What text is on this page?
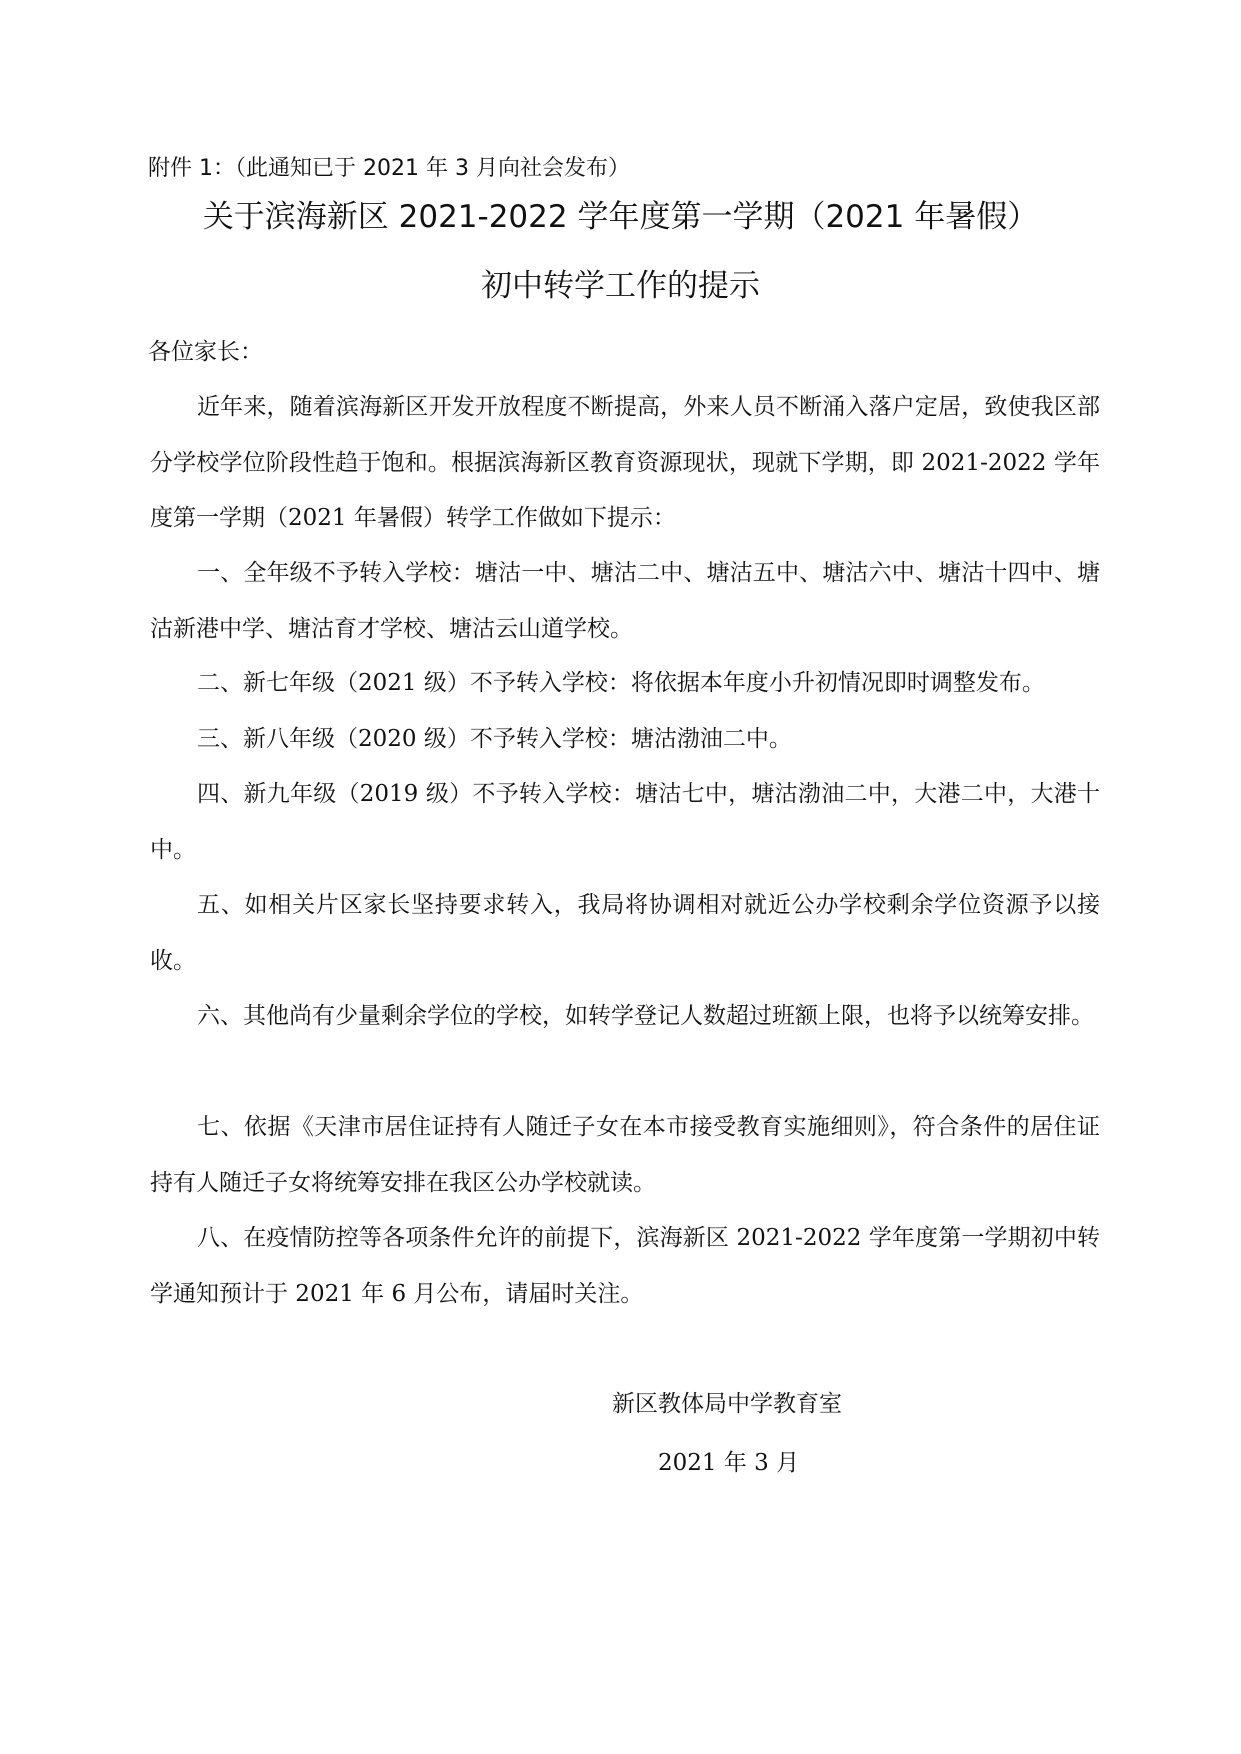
附件 1：（此通知已于 2021 年 3 月向社会发布）
关于滨海新区 2021-2022 学年度第一学期（2021 年暑假）
初中转学工作的提示
各位家长：

近年来，随着滨海新区开发开放程度不断提高，外来人员不断涌入落户定居，致使我区部分学校学位阶段性趋于饱和。根据滨海新区教育资源现状，现就下学期，即 2021-2022 学年度第一学期（2021 年暑假）转学工作做如下提示：

一、全年级不予转入学校：塘沽一中、塘沽二中、塘沽五中、塘沽六中、塘沽十四中、塘沽新港中学、塘沽育才学校、塘沽云山道学校。

二、新七年级（2021 级）不予转入学校：将依据本年度小升初情况即时调整发布。

三、新八年级（2020 级）不予转入学校：塘沽渤油二中。

四、新九年级（2019 级）不予转入学校：塘沽七中，塘沽渤油二中，大港二中，大港十中。

五、如相关片区家长坚持要求转入，我局将协调相对就近公办学校剩余学位资源予以接收。

六、其他尚有少量剩余学位的学校，如转学登记人数超过班额上限，也将予以统筹安排。

七、依据《天津市居住证持有人随迁子女在本市接受教育实施细则》，符合条件的居住证持有人随迁子女将统筹安排在我区公办学校就读。

八、在疫情防控等各项条件允许的前提下，滨海新区 2021-2022 学年度第一学期初中转学通知预计于 2021 年 6 月公布，请届时关注。

新区教体局中学教育室
2021 年 3 月
